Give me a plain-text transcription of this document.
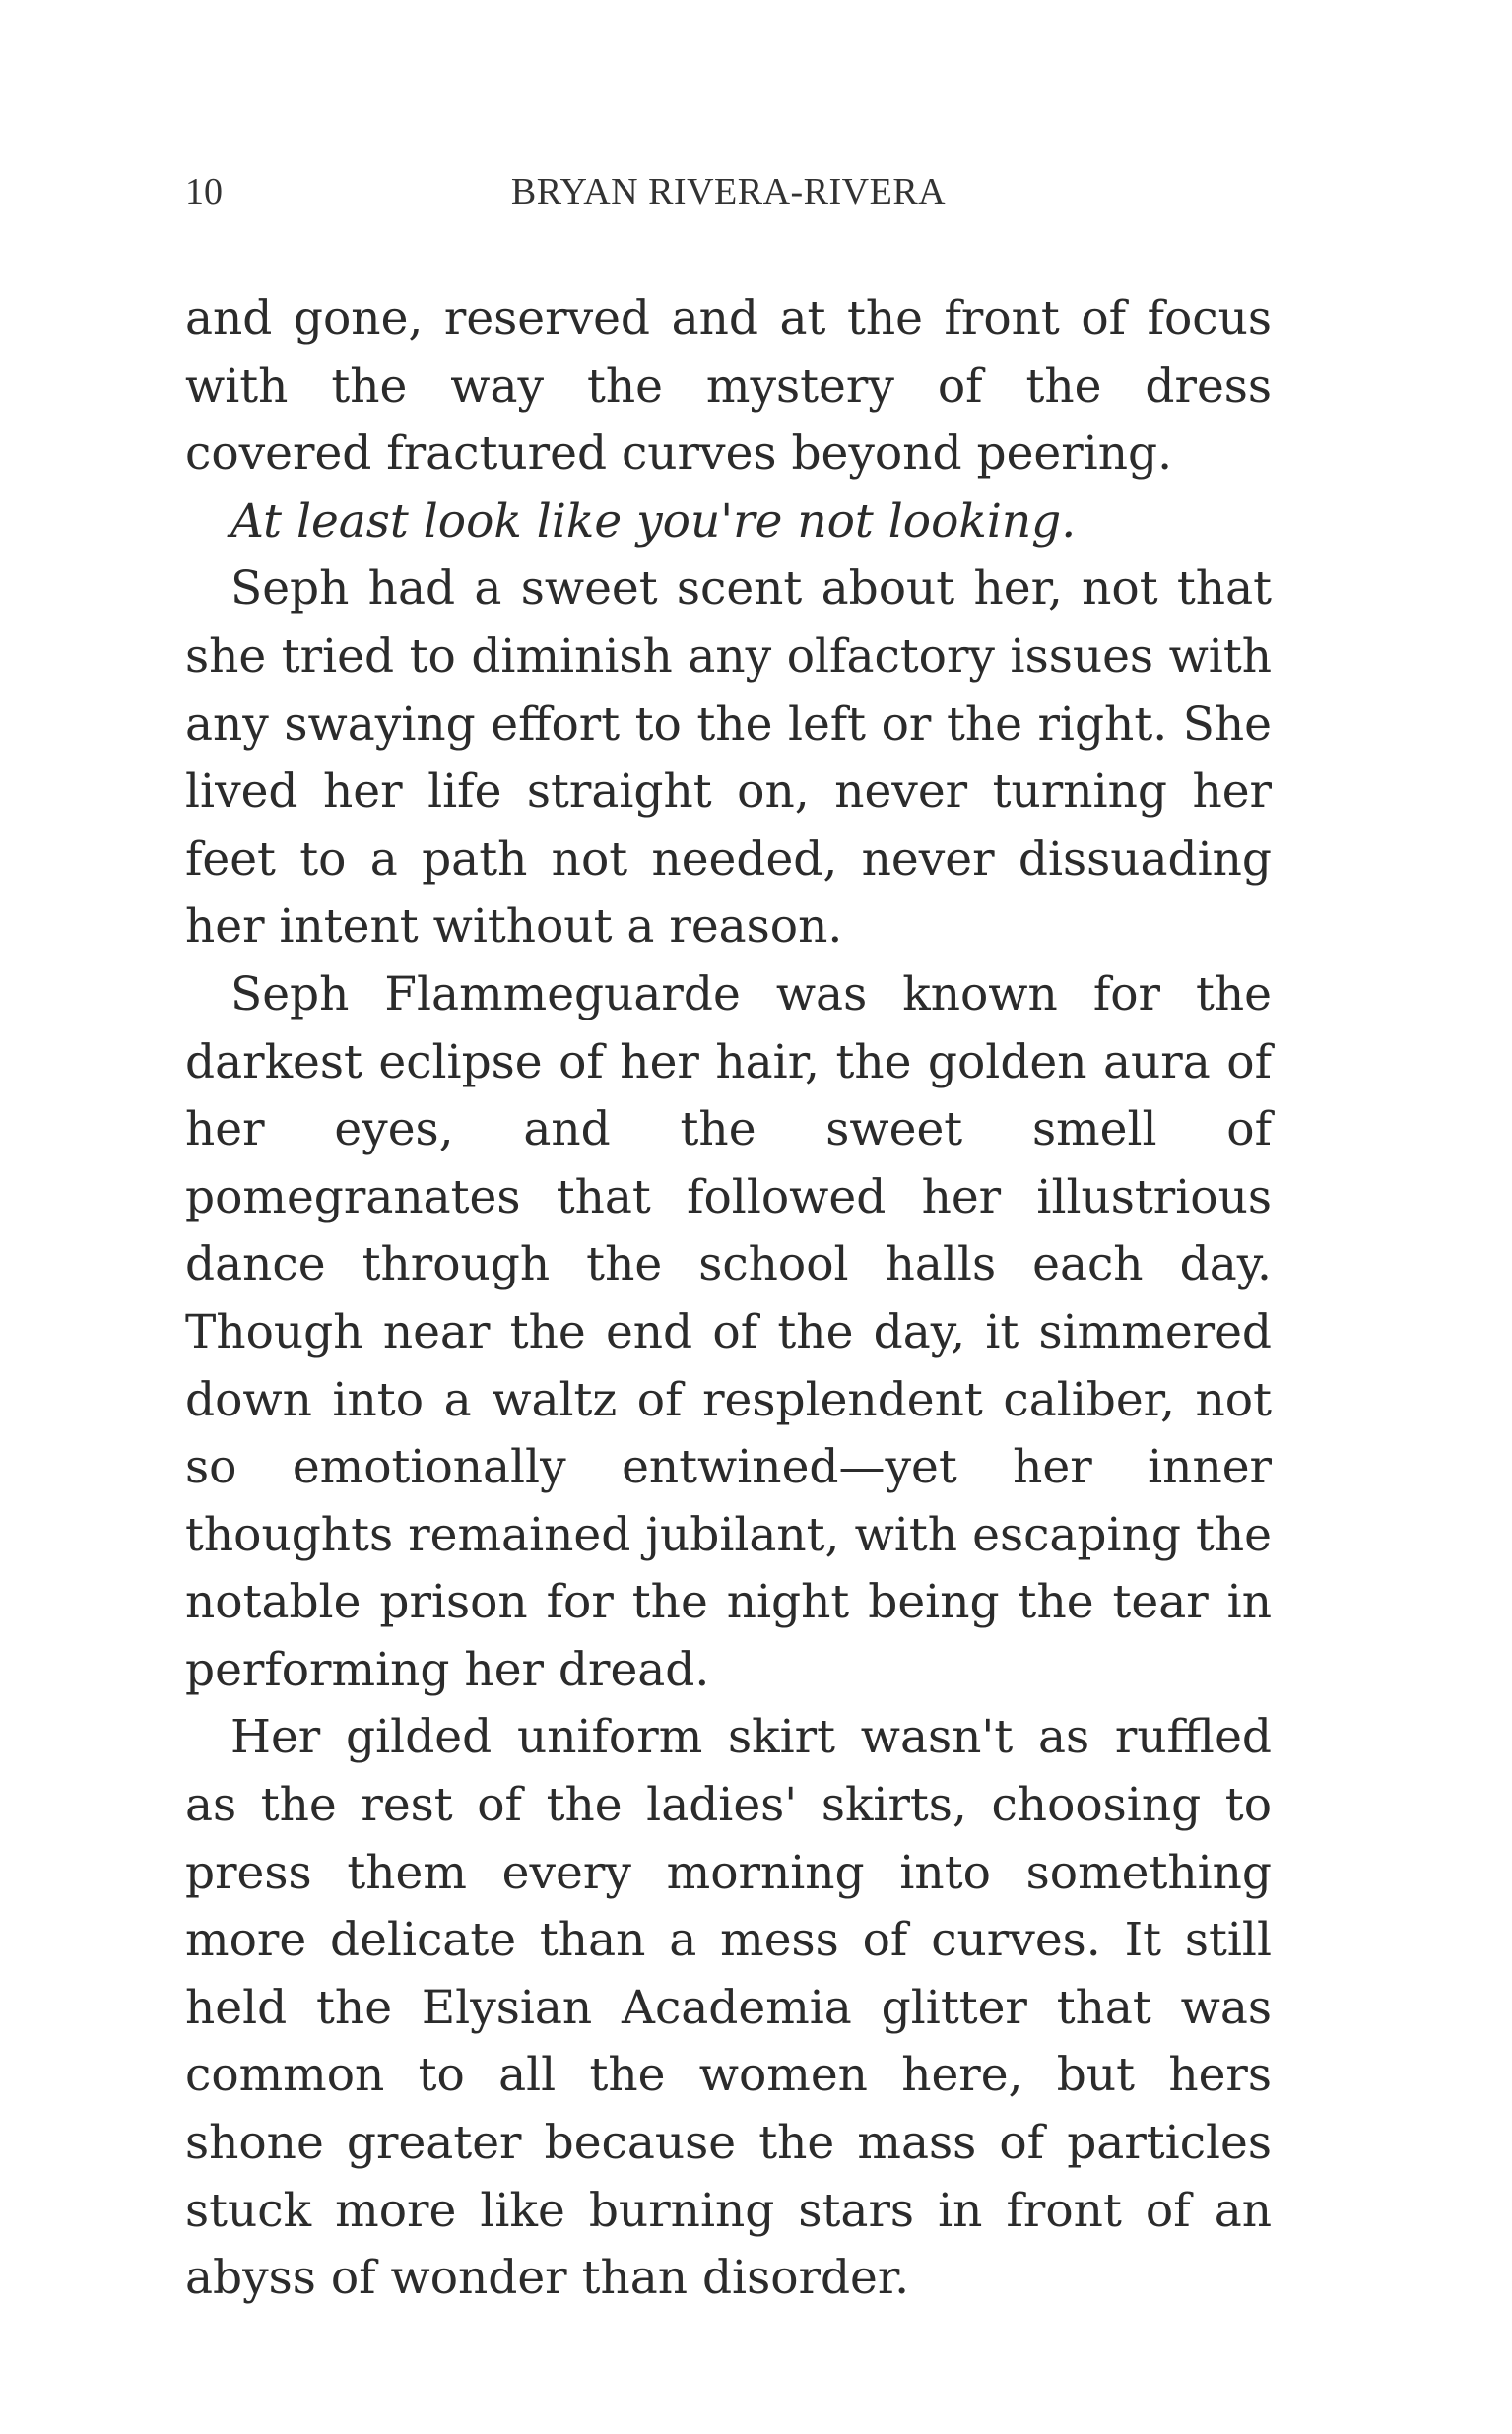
10	BRYAN RIVERA-RIVERA

and gone, reserved and at the front of focus with the way the mystery of the dress covered fractured curves beyond peering.

At least look like you're not looking.

Seph had a sweet scent about her, not that she tried to diminish any olfactory issues with any swaying effort to the left or the right. She lived her life straight on, never turning her feet to a path not needed, never dissuading her intent without a reason.

Seph Flammeguarde was known for the darkest eclipse of her hair, the golden aura of her eyes, and the sweet smell of pomegranates that followed her illustrious dance through the school halls each day. Though near the end of the day, it simmered down into a waltz of resplendent caliber, not so emotionally entwined—yet her inner thoughts remained jubilant, with escaping the notable prison for the night being the tear in performing her dread.

Her gilded uniform skirt wasn't as ruffled as the rest of the ladies' skirts, choosing to press them every morning into something more delicate than a mess of curves. It still held the Elysian Academia glitter that was common to all the women here, but hers shone greater because the mass of particles stuck more like burning stars in front of an abyss of wonder than disorder.
